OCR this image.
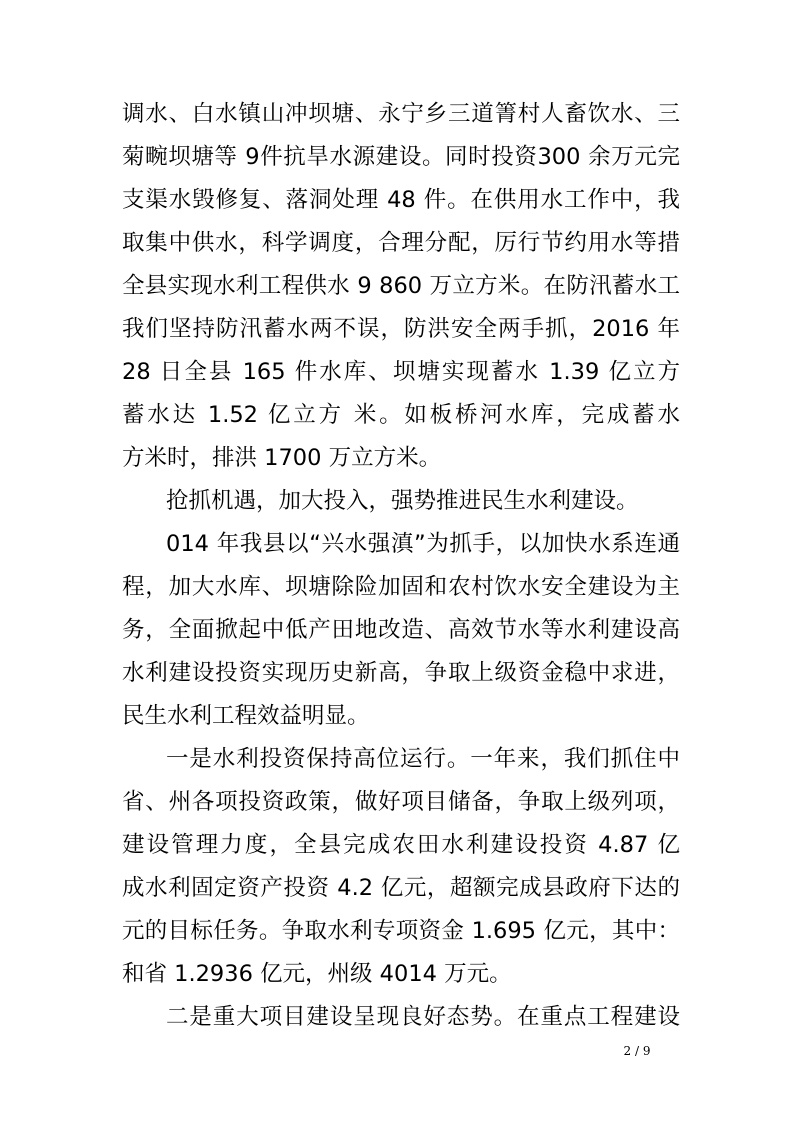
调水、白水镇山冲坝塘、永宁乡三道箐村人畜饮水、三
菊畹坝塘等 9件抗旱水源建设。同时投资300 余万元完
支渠水毁修复、落洞处理 48 件。在供用水工作中，我
取集中供水，科学调度，合理分配，厉行节约用水等措
全县实现水利工程供水 9 860 万立方米。在防汛蓄水工
我们坚持防汛蓄水两不误，防洪安全两手抓，2016 年
28 日全县 165 件水库、坝塘实现蓄水 1.39 亿立方
蓄水达 1.52 亿立方 米。如板桥河水库，完成蓄水
方米时，排洪 1700 万立方米。
抢抓机遇，加大投入，强势推进民生水利建设。
014 年我县以“兴水强滇”为抓手，以加快水系连通
程，加大水库、坝塘除险加固和农村饮水安全建设为主
务，全面掀起中低产田地改造、高效节水等水利建设高
水利建设投资实现历史新高，争取上级资金稳中求进，
民生水利工程效益明显。
一是水利投资保持高位运行。一年来，我们抓住中
省、州各项投资政策，做好项目储备，争取上级列项，
建设管理力度，全县完成农田水利建设投资 4.87 亿
成水利固定资产投资 4.2 亿元，超额完成县政府下达的
元的目标任务。争取水利专项资金 1.695 亿元，其中：
和省 1.2936 亿元，州级 4014 万元。
二是重大项目建设呈现良好态势。在重点工程建设
2 / 9
